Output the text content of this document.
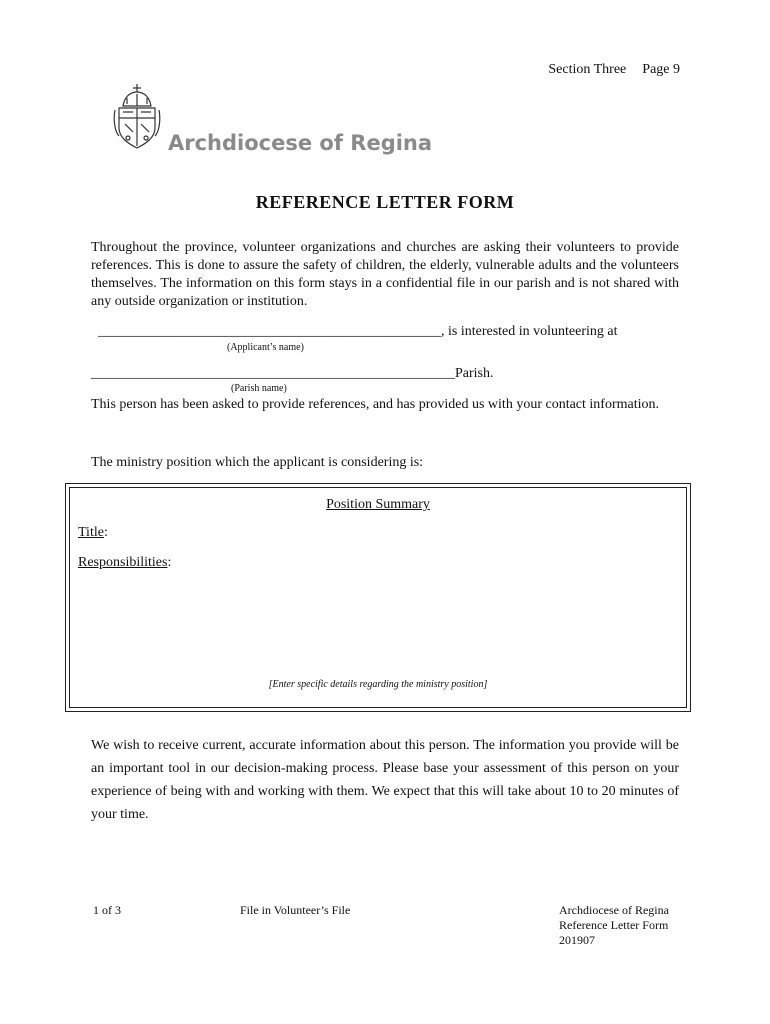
Section Three Page 9
Archdiocese of Regina
REFERENCE LETTER FORM
Throughout the province, volunteer organizations and churches are asking their volunteers to provide references. This is done to assure the safety of children, the elderly, vulnerable adults and the volunteers themselves. The information on this form stays in a confidential file in our parish and is not shared with any outside organization or institution.
_________________________________________________, is interested in volunteering at
(Applicant’s name)
____________________________________________________Parish.
(Parish name)
This person has been asked to provide references, and has provided us with your contact information.
The ministry position which the applicant is considering is:
Position Summary
Title:
Responsibilities:
[Enter specific details regarding the ministry position]
We wish to receive current, accurate information about this person. The information you provide will be an important tool in our decision-making process. Please base your assessment of this person on your experience of being with and working with them. We expect that this will take about 10 to 20 minutes of your time.
1 of 3	File in Volunteer’s File	Archdiocese of Regina
Reference Letter Form
201907
